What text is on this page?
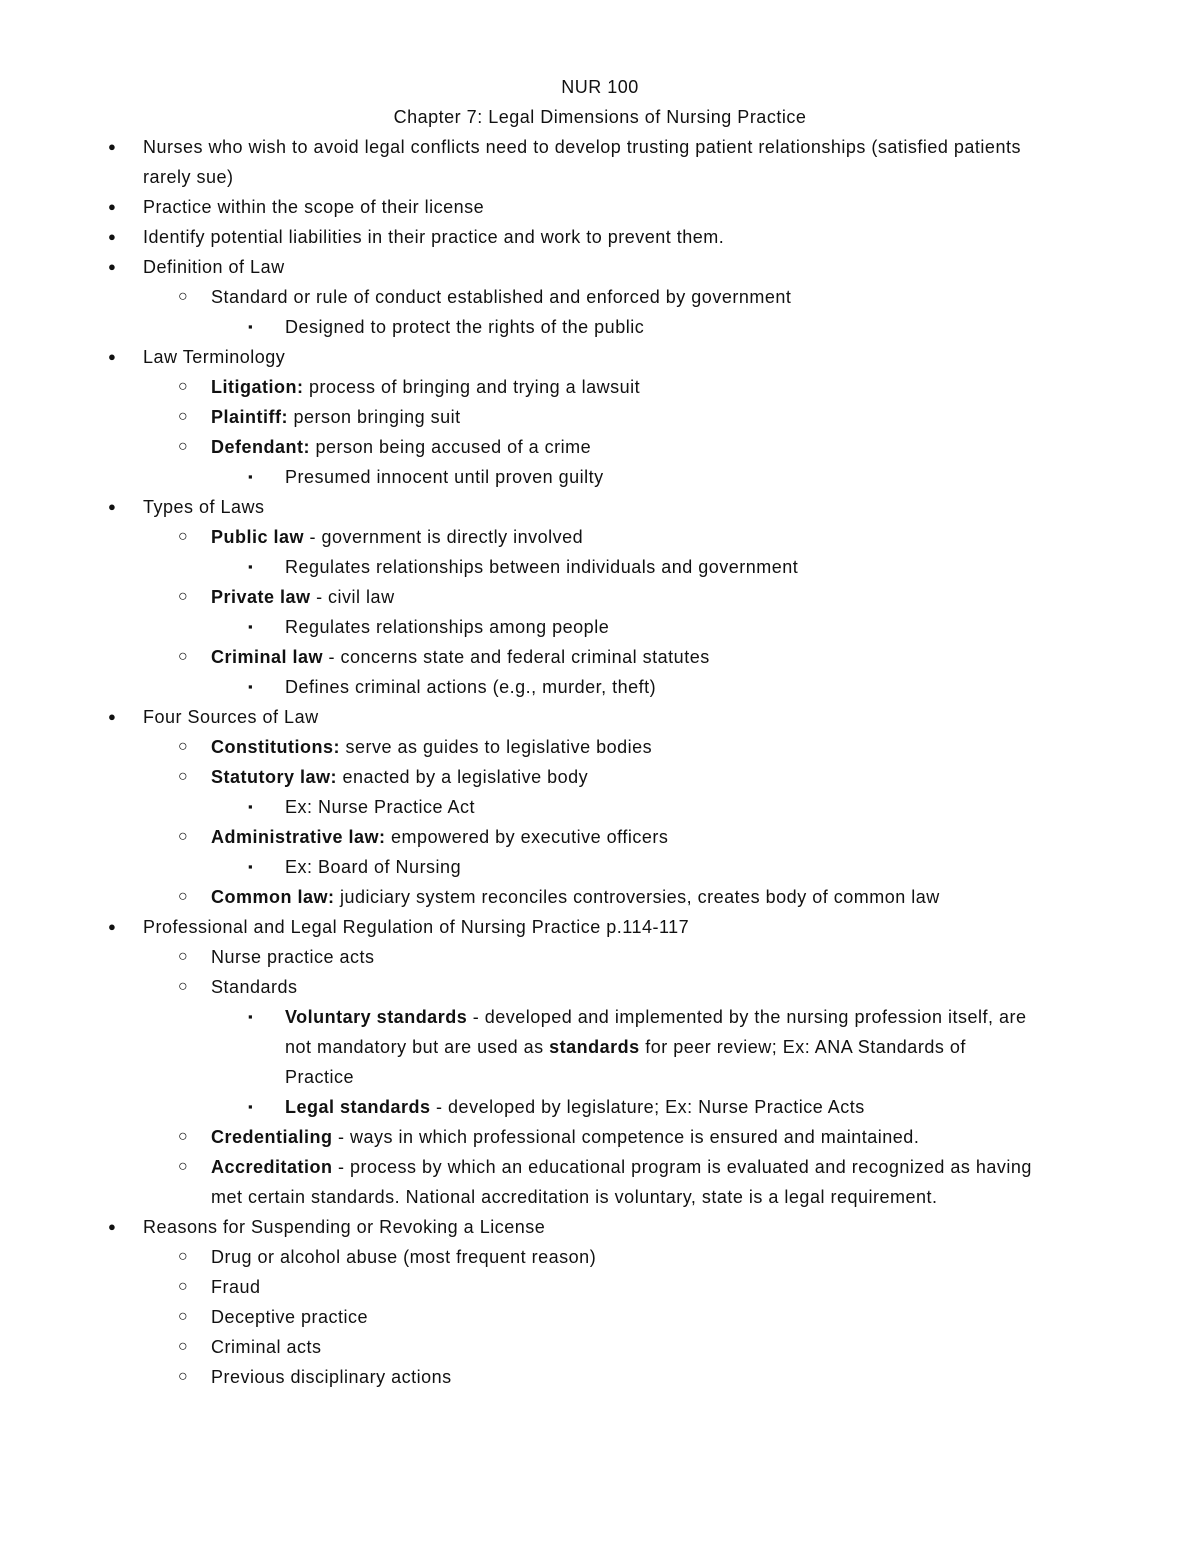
NUR 100
Chapter 7: Legal Dimensions of Nursing Practice
●	Nurses who wish to avoid legal conflicts need to develop trusting patient relationships (satisfied patients rarely sue)
●	Practice within the scope of their license
●	Identify potential liabilities in their practice and work to prevent them.
●	Definition of Law
○	Standard or rule of conduct established and enforced by government
▪	Designed to protect the rights of the public
●	Law Terminology
○	Litigation: process of bringing and trying a lawsuit
○	Plaintiff: person bringing suit
○	Defendant: person being accused of a crime
▪	Presumed innocent until proven guilty
●	Types of Laws
○	Public law - government is directly involved
▪	Regulates relationships between individuals and government
○	Private law - civil law
▪	Regulates relationships among people
○	Criminal law - concerns state and federal criminal statutes
▪	Defines criminal actions (e.g., murder, theft)
●	Four Sources of Law
○	Constitutions: serve as guides to legislative bodies
○	Statutory law: enacted by a legislative body
▪	Ex: Nurse Practice Act
○	Administrative law: empowered by executive officers
▪	Ex: Board of Nursing
○	Common law: judiciary system reconciles controversies, creates body of common law
●	Professional and Legal Regulation of Nursing Practice p.114-117
○	Nurse practice acts
○	Standards
▪	Voluntary standards - developed and implemented by the nursing profession itself, are not mandatory but are used as standards for peer review; Ex: ANA Standards of Practice
▪	Legal standards - developed by legislature; Ex: Nurse Practice Acts
○	Credentialing - ways in which professional competence is ensured and maintained.
○	Accreditation - process by which an educational program is evaluated and recognized as having met certain standards. National accreditation is voluntary, state is a legal requirement.
●	Reasons for Suspending or Revoking a License
○	Drug or alcohol abuse (most frequent reason)
○	Fraud
○	Deceptive practice
○	Criminal acts
○	Previous disciplinary actions
